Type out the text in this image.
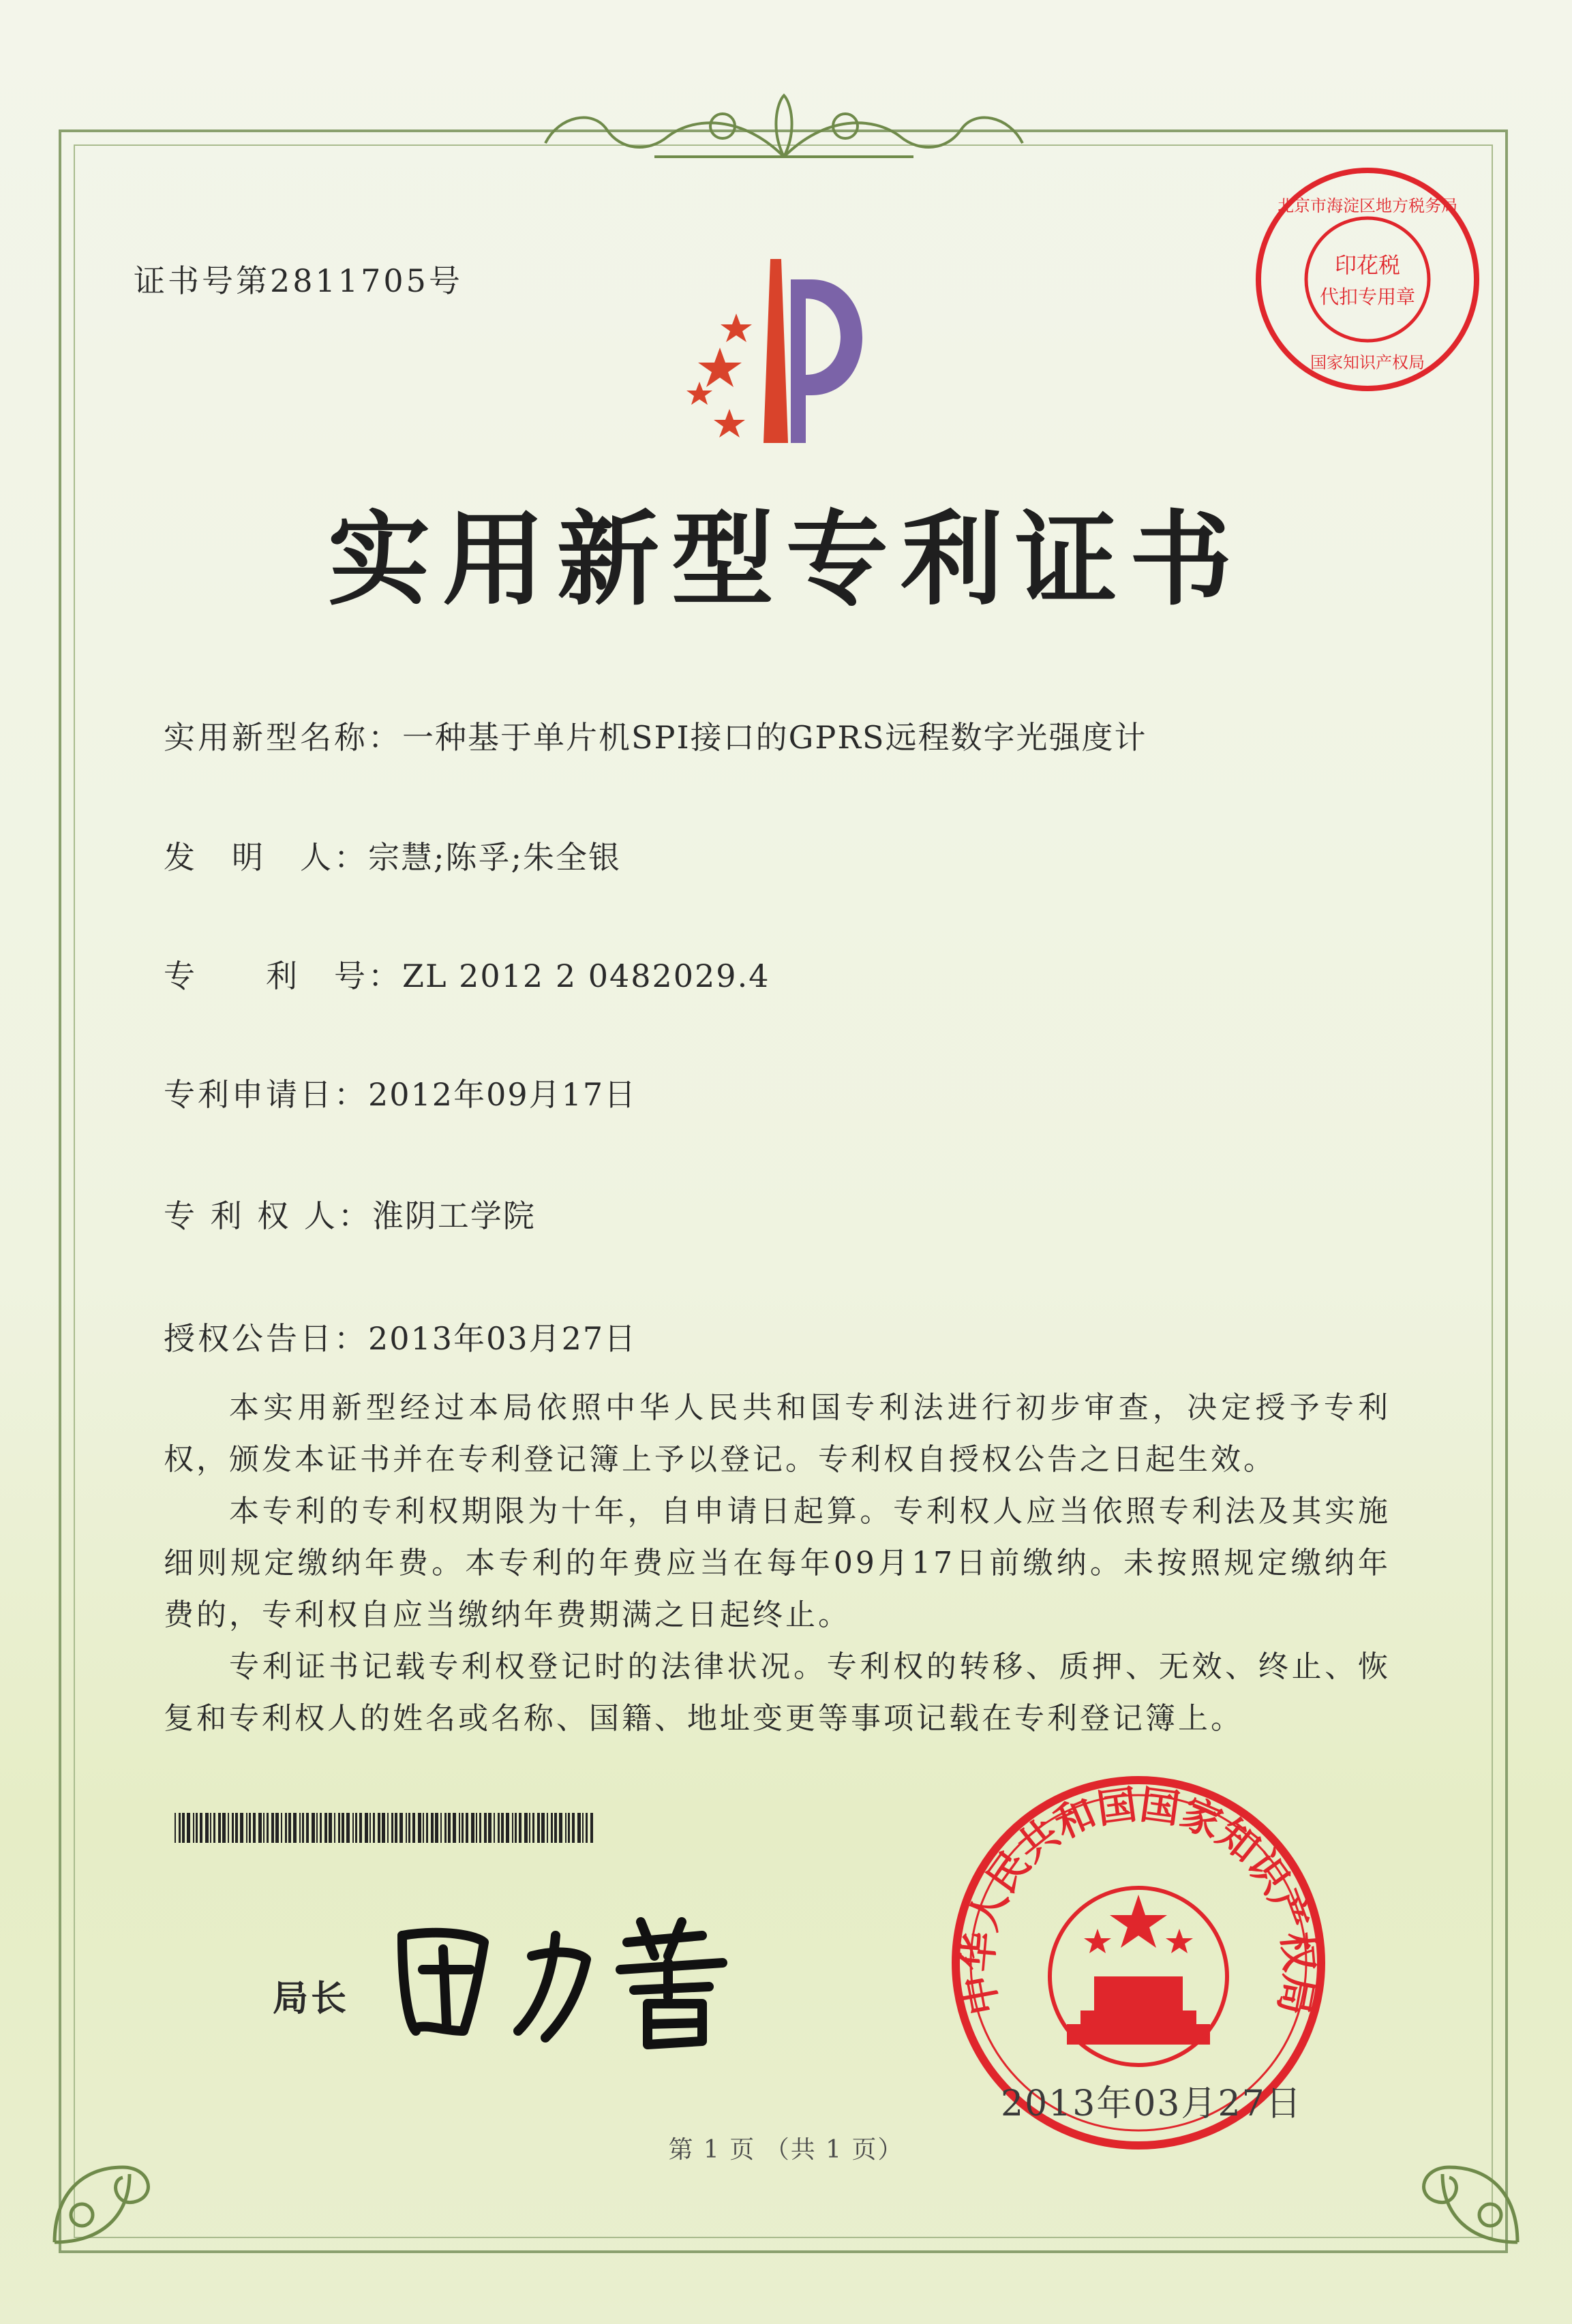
证书号第2811705号	印花税
代扣专用章
北京市海淀区地方税务局
国家知识产权局
实用新型专利证书
实用新型名称：一种基于单片机SPI接口的GPRS远程数字光强度计
发　明　人：宗慧;陈孚;朱全银
专　　利　号：ZL 2012 2 0482029.4
专利申请日：2012年09月17日
专 利 权 人：淮阴工学院
授权公告日：2013年03月27日
本实用新型经过本局依照中华人民共和国专利法进行初步审查，决定授予专利权，颁发本证书并在专利登记簿上予以登记。专利权自授权公告之日起生效。
本专利的专利权期限为十年，自申请日起算。专利权人应当依照专利法及其实施细则规定缴纳年费。本专利的年费应当在每年09月17日前缴纳。未按照规定缴纳年费的，专利权自应当缴纳年费期满之日起终止。
专利证书记载专利权登记时的法律状况。专利权的转移、质押、无效、终止、恢复和专利权人的姓名或名称、国籍、地址变更等事项记载在专利登记簿上。
局长	中华人民共和国国家知识产权局
2013年03月27日
第 1 页 （共 1 页）
